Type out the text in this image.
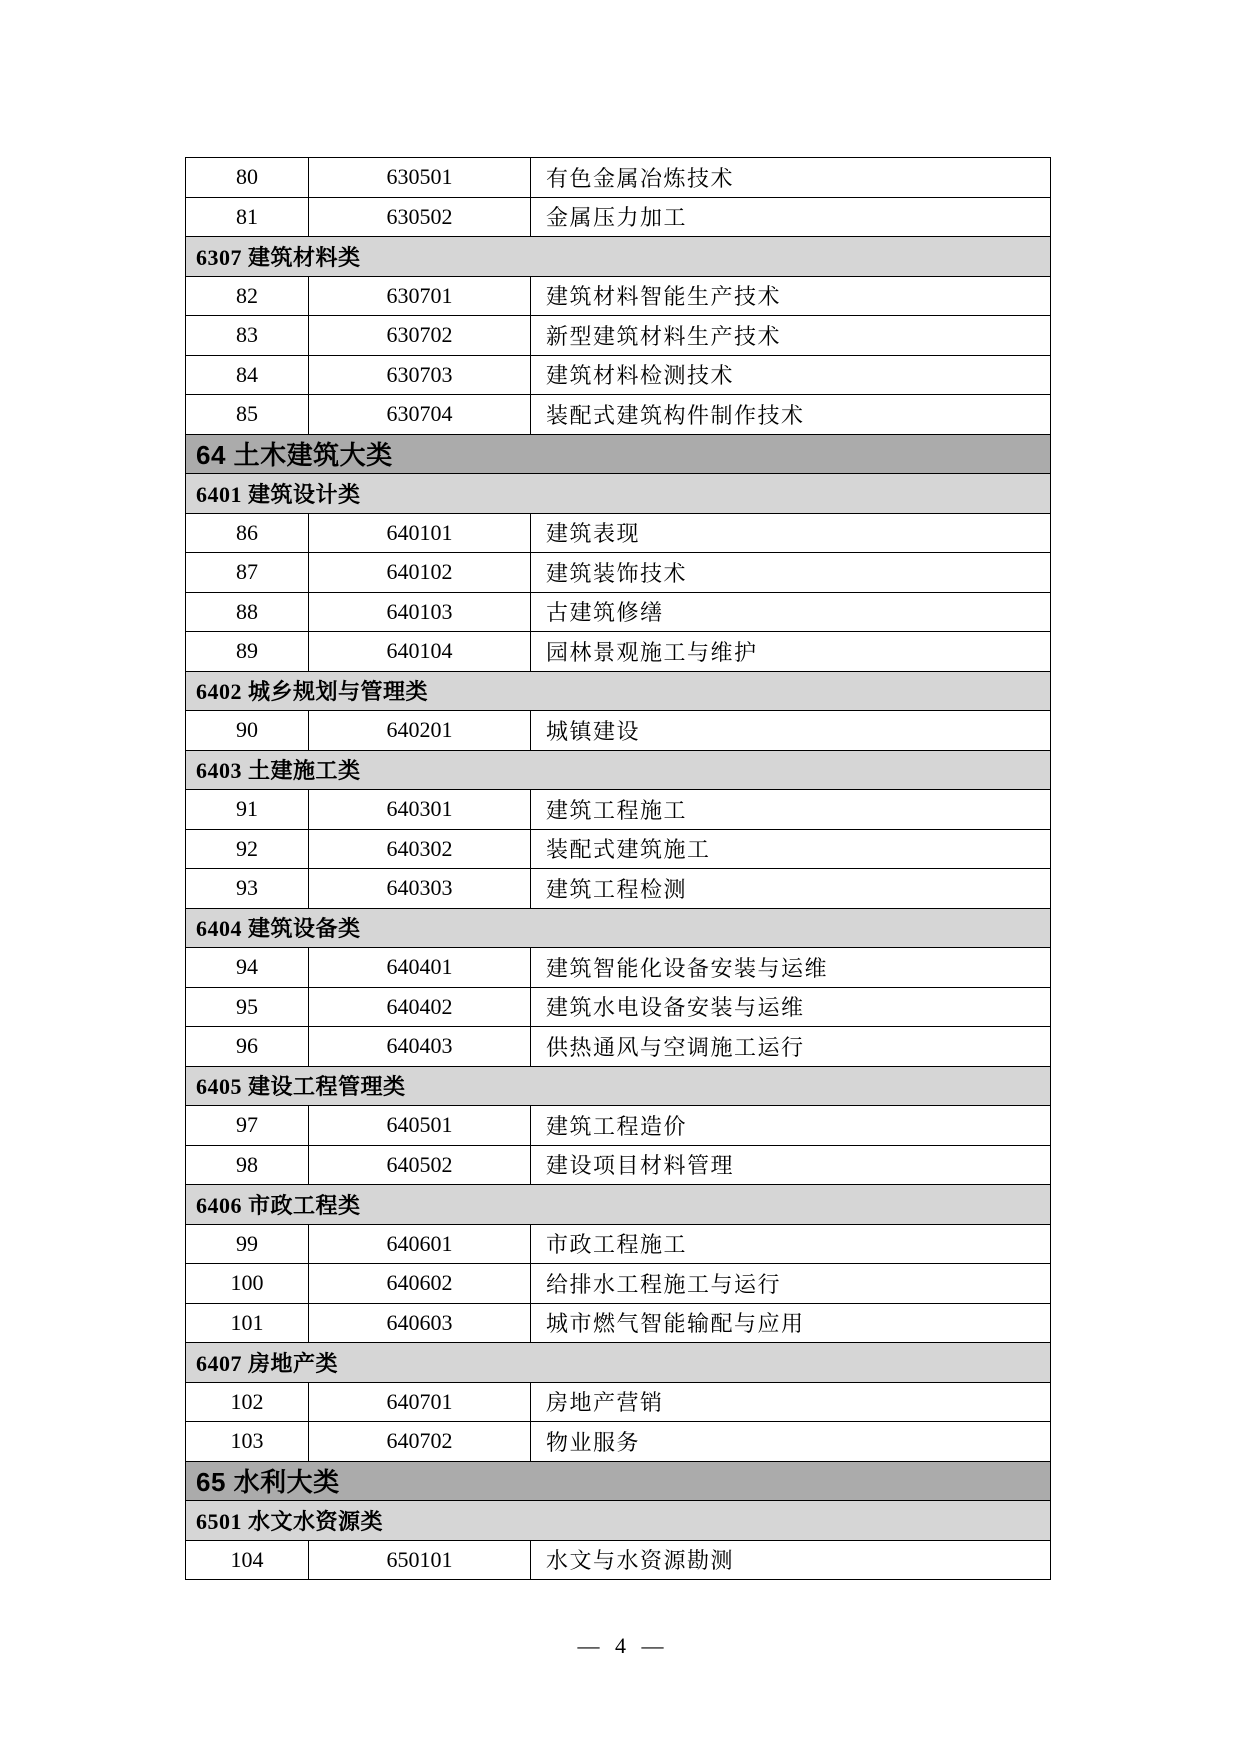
80	630501	有色金属冶炼技术
81	630502	金属压力加工
6307 建筑材料类		
82	630701	建筑材料智能生产技术
83	630702	新型建筑材料生产技术
84	630703	建筑材料检测技术
85	630704	装配式建筑构件制作技术
64 土木建筑大类		
6401 建筑设计类		
86	640101	建筑表现
87	640102	建筑装饰技术
88	640103	古建筑修缮
89	640104	园林景观施工与维护
6402 城乡规划与管理类		
90	640201	城镇建设
6403 土建施工类		
91	640301	建筑工程施工
92	640302	装配式建筑施工
93	640303	建筑工程检测
6404 建筑设备类		
94	640401	建筑智能化设备安装与运维
95	640402	建筑水电设备安装与运维
96	640403	供热通风与空调施工运行
6405 建设工程管理类		
97	640501	建筑工程造价
98	640502	建设项目材料管理
6406 市政工程类		
99	640601	市政工程施工
100	640602	给排水工程施工与运行
101	640603	城市燃气智能输配与应用
6407 房地产类		
102	640701	房地产营销
103	640702	物业服务
65 水利大类		
6501 水文水资源类		
104	650101	水文与水资源勘测
— 4 —
